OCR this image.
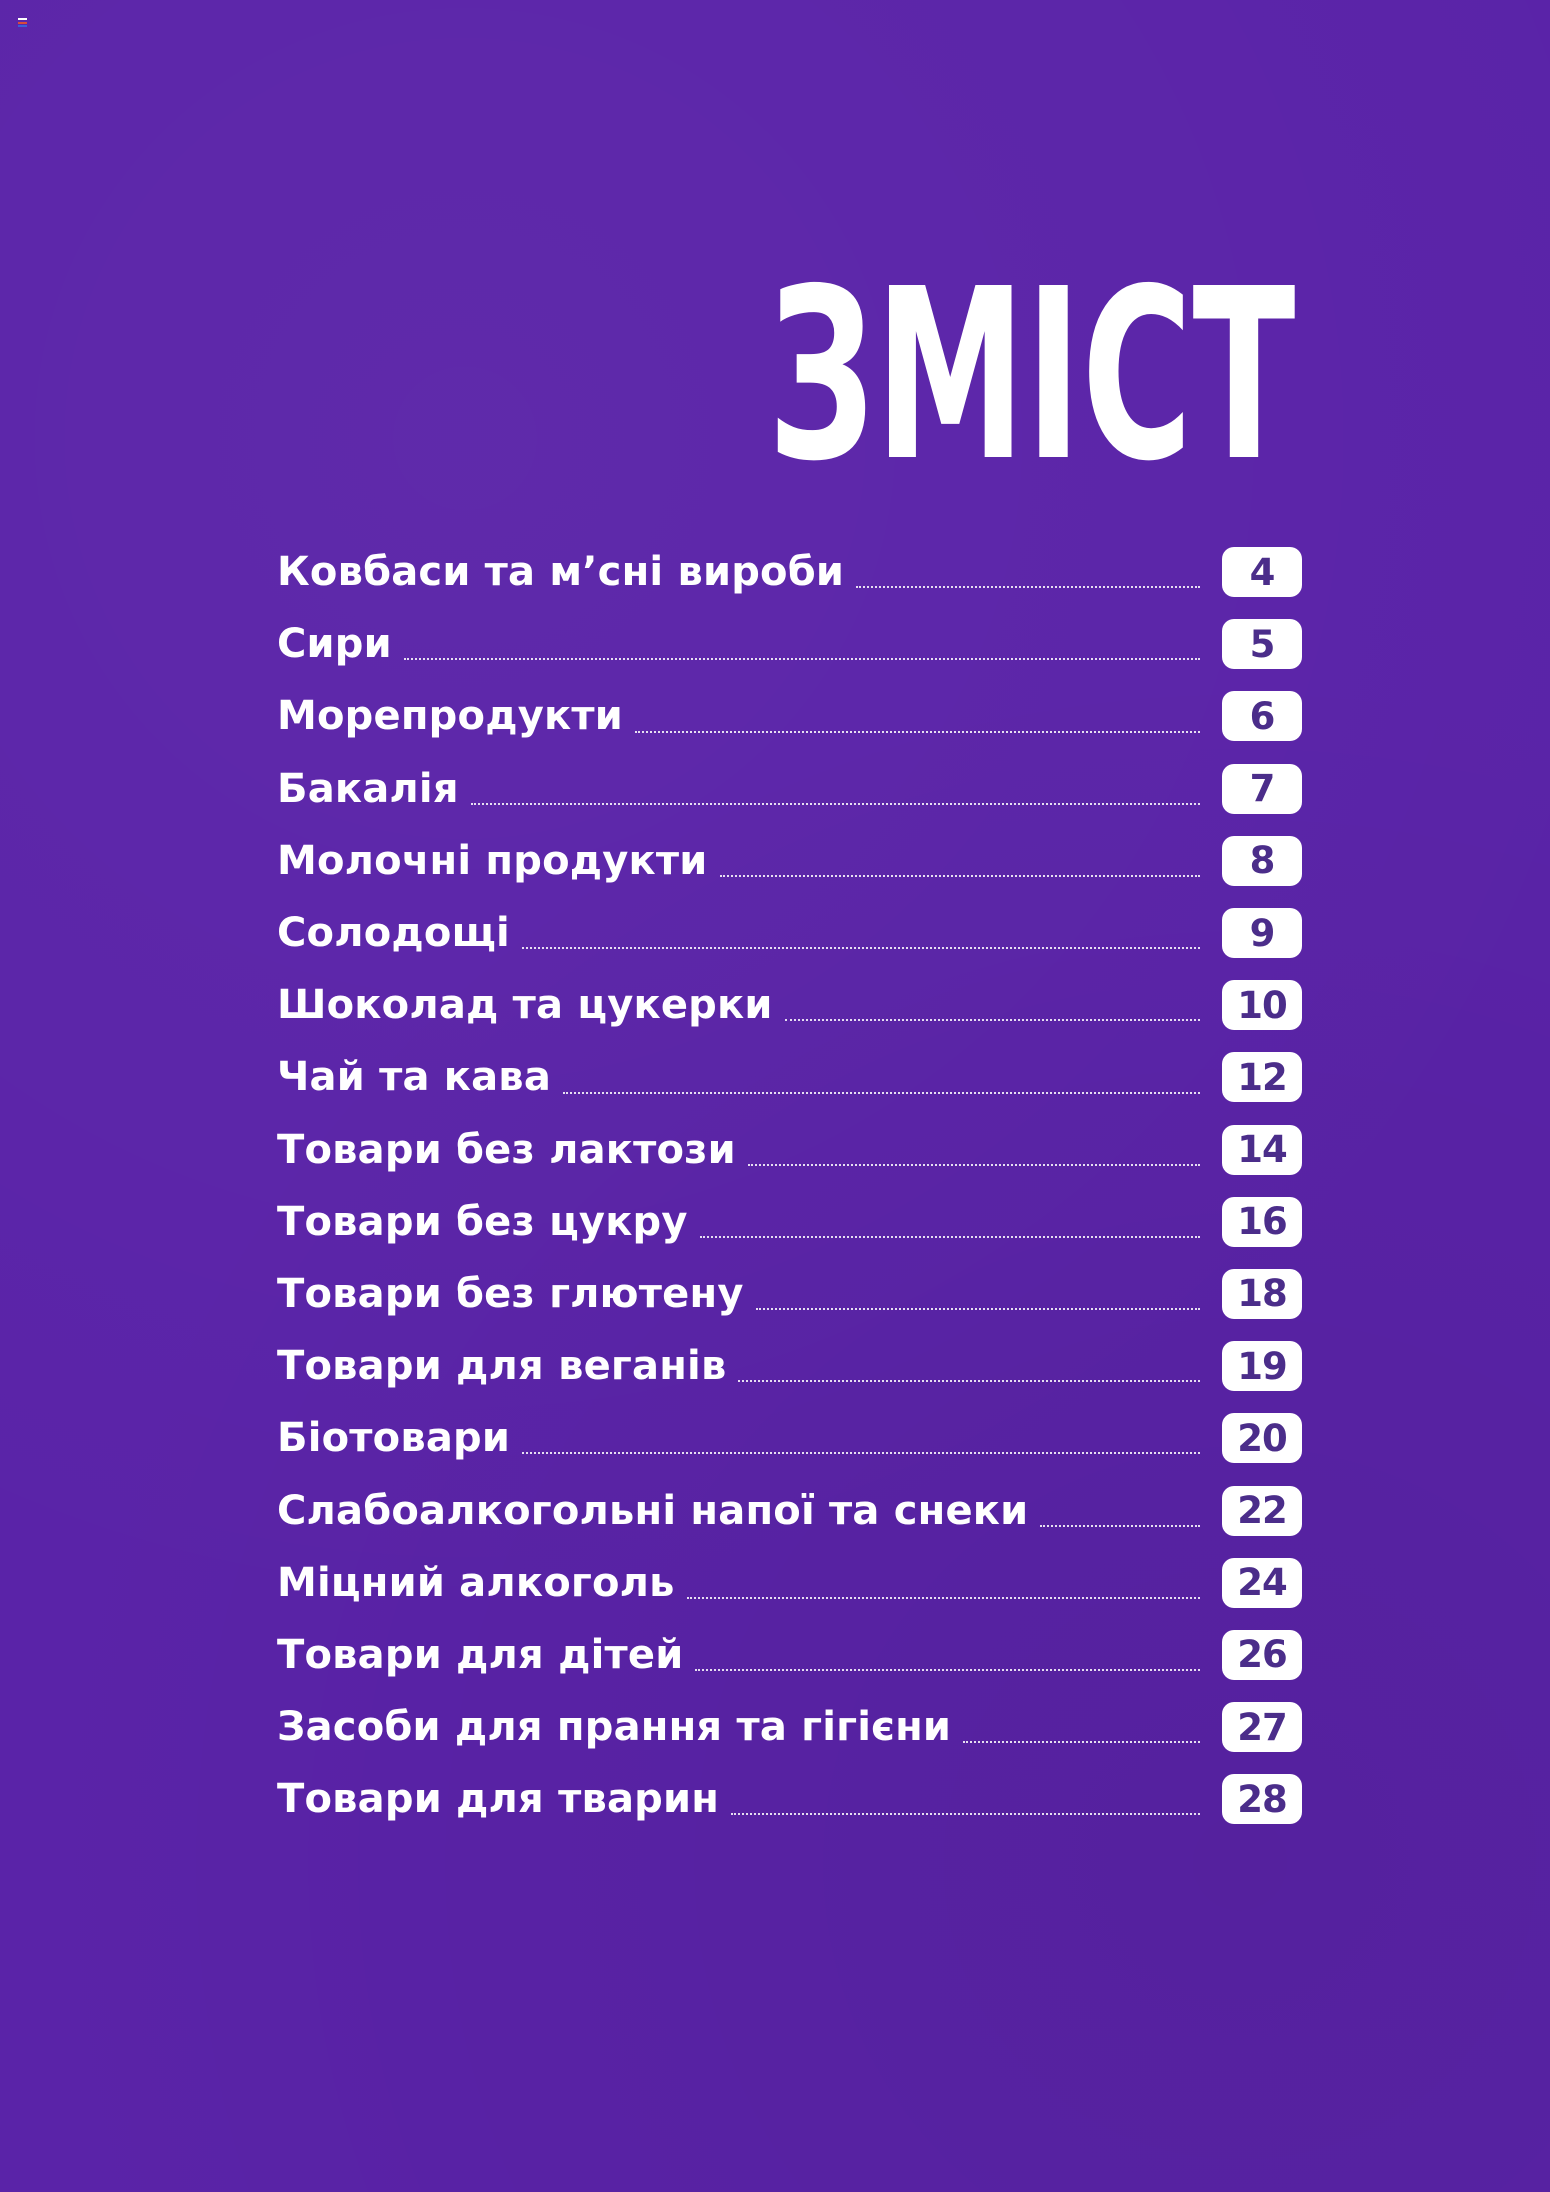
ЗМІСТ
Ковбаси та м’сні вироби	4
Сири	5
Морепродукти	6
Бакалія	7
Молочні продукти	8
Солодощі	9
Шоколад та цукерки	10
Чай та кава	12
Товари без лактози	14
Товари без цукру	16
Товари без глютену	18
Товари для веганів	19
Біотовари	20
Слабоалкогольні напої та снеки	22
Міцний алкоголь	24
Товари для дітей	26
Засоби для прання та гігієни	27
Товари для тварин	28
